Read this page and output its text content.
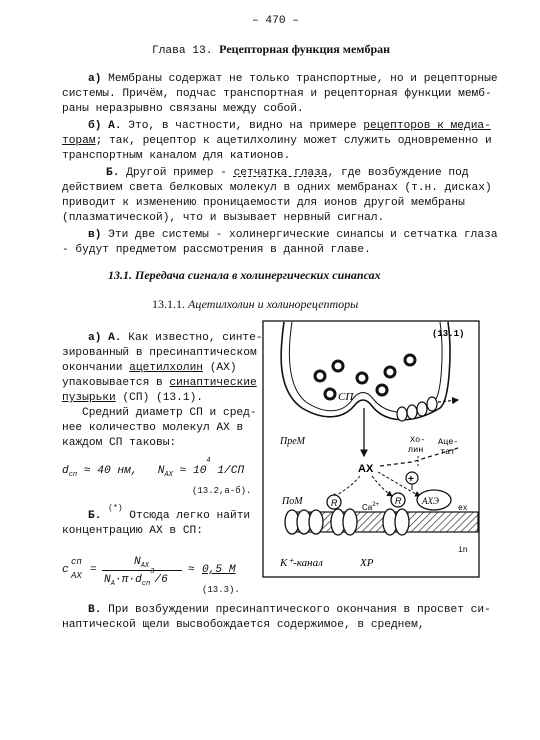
– 470 –
Глава 13. Рецепторная функция мембран
а) Мембраны содержат не только транспортные, но и рецепторные
системы. Причём, подчас транспортная и рецепторная функции мемб-
раны неразрывно связаны между собой.
б) А. Это, в частности, видно на примере рецепторов к медиа-
торам; так, рецептор к ацетилхолину может служить одновременно и
транспортным каналом для катионов.
Б. Другой пример - сетчатка глаза, где возбуждение под
действием света белковых молекул в одних мембранах (т.н. дисках)
приводит к изменению проницаемости для ионов другой мембраны
(плазматической), что и вызывает нервный сигнал.
в) Эти две системы - холинергические синапсы и сетчатка глаза
- будут предметом рассмотрения в данной главе.
13.1. Передача сигнала в холинергических синапсах
13.1.1. Ацетилхолин и холинорецепторы
а) А. Как известно, синте-
зированный в пресинаптическом
окончании ацетилхолин (АХ)
упаковывается в синаптические
пузырьки (СП) (13.1).
Средний диаметр СП и сред-
нее количество молекул АХ в
каждом СП таковы:
$d_{сп} \approx 40$ нм, $N_{АХ} \approx 10^4$ 1/СП
(13.2,а-б).
Б. (*) Отсюда легко найти
концентрацию АХ в СП:
c
сп
АХ =
$N_{АХ}$
$N_А\cdot\pi\cdot d_{сп}^3/6$
≈ 0,5 М
(13.3).
В. При возбуждении пресинаптического окончания в просвет си-
наптической щели высвобождается содержимое, в среднем,
(13.1)
СП
ПреМ	Хо-лин
Аце-тат
АХ
+
ПоМ
ex
in
R	$Ca^{2+}$ R АХЭ
K⁺-канал	ХР
